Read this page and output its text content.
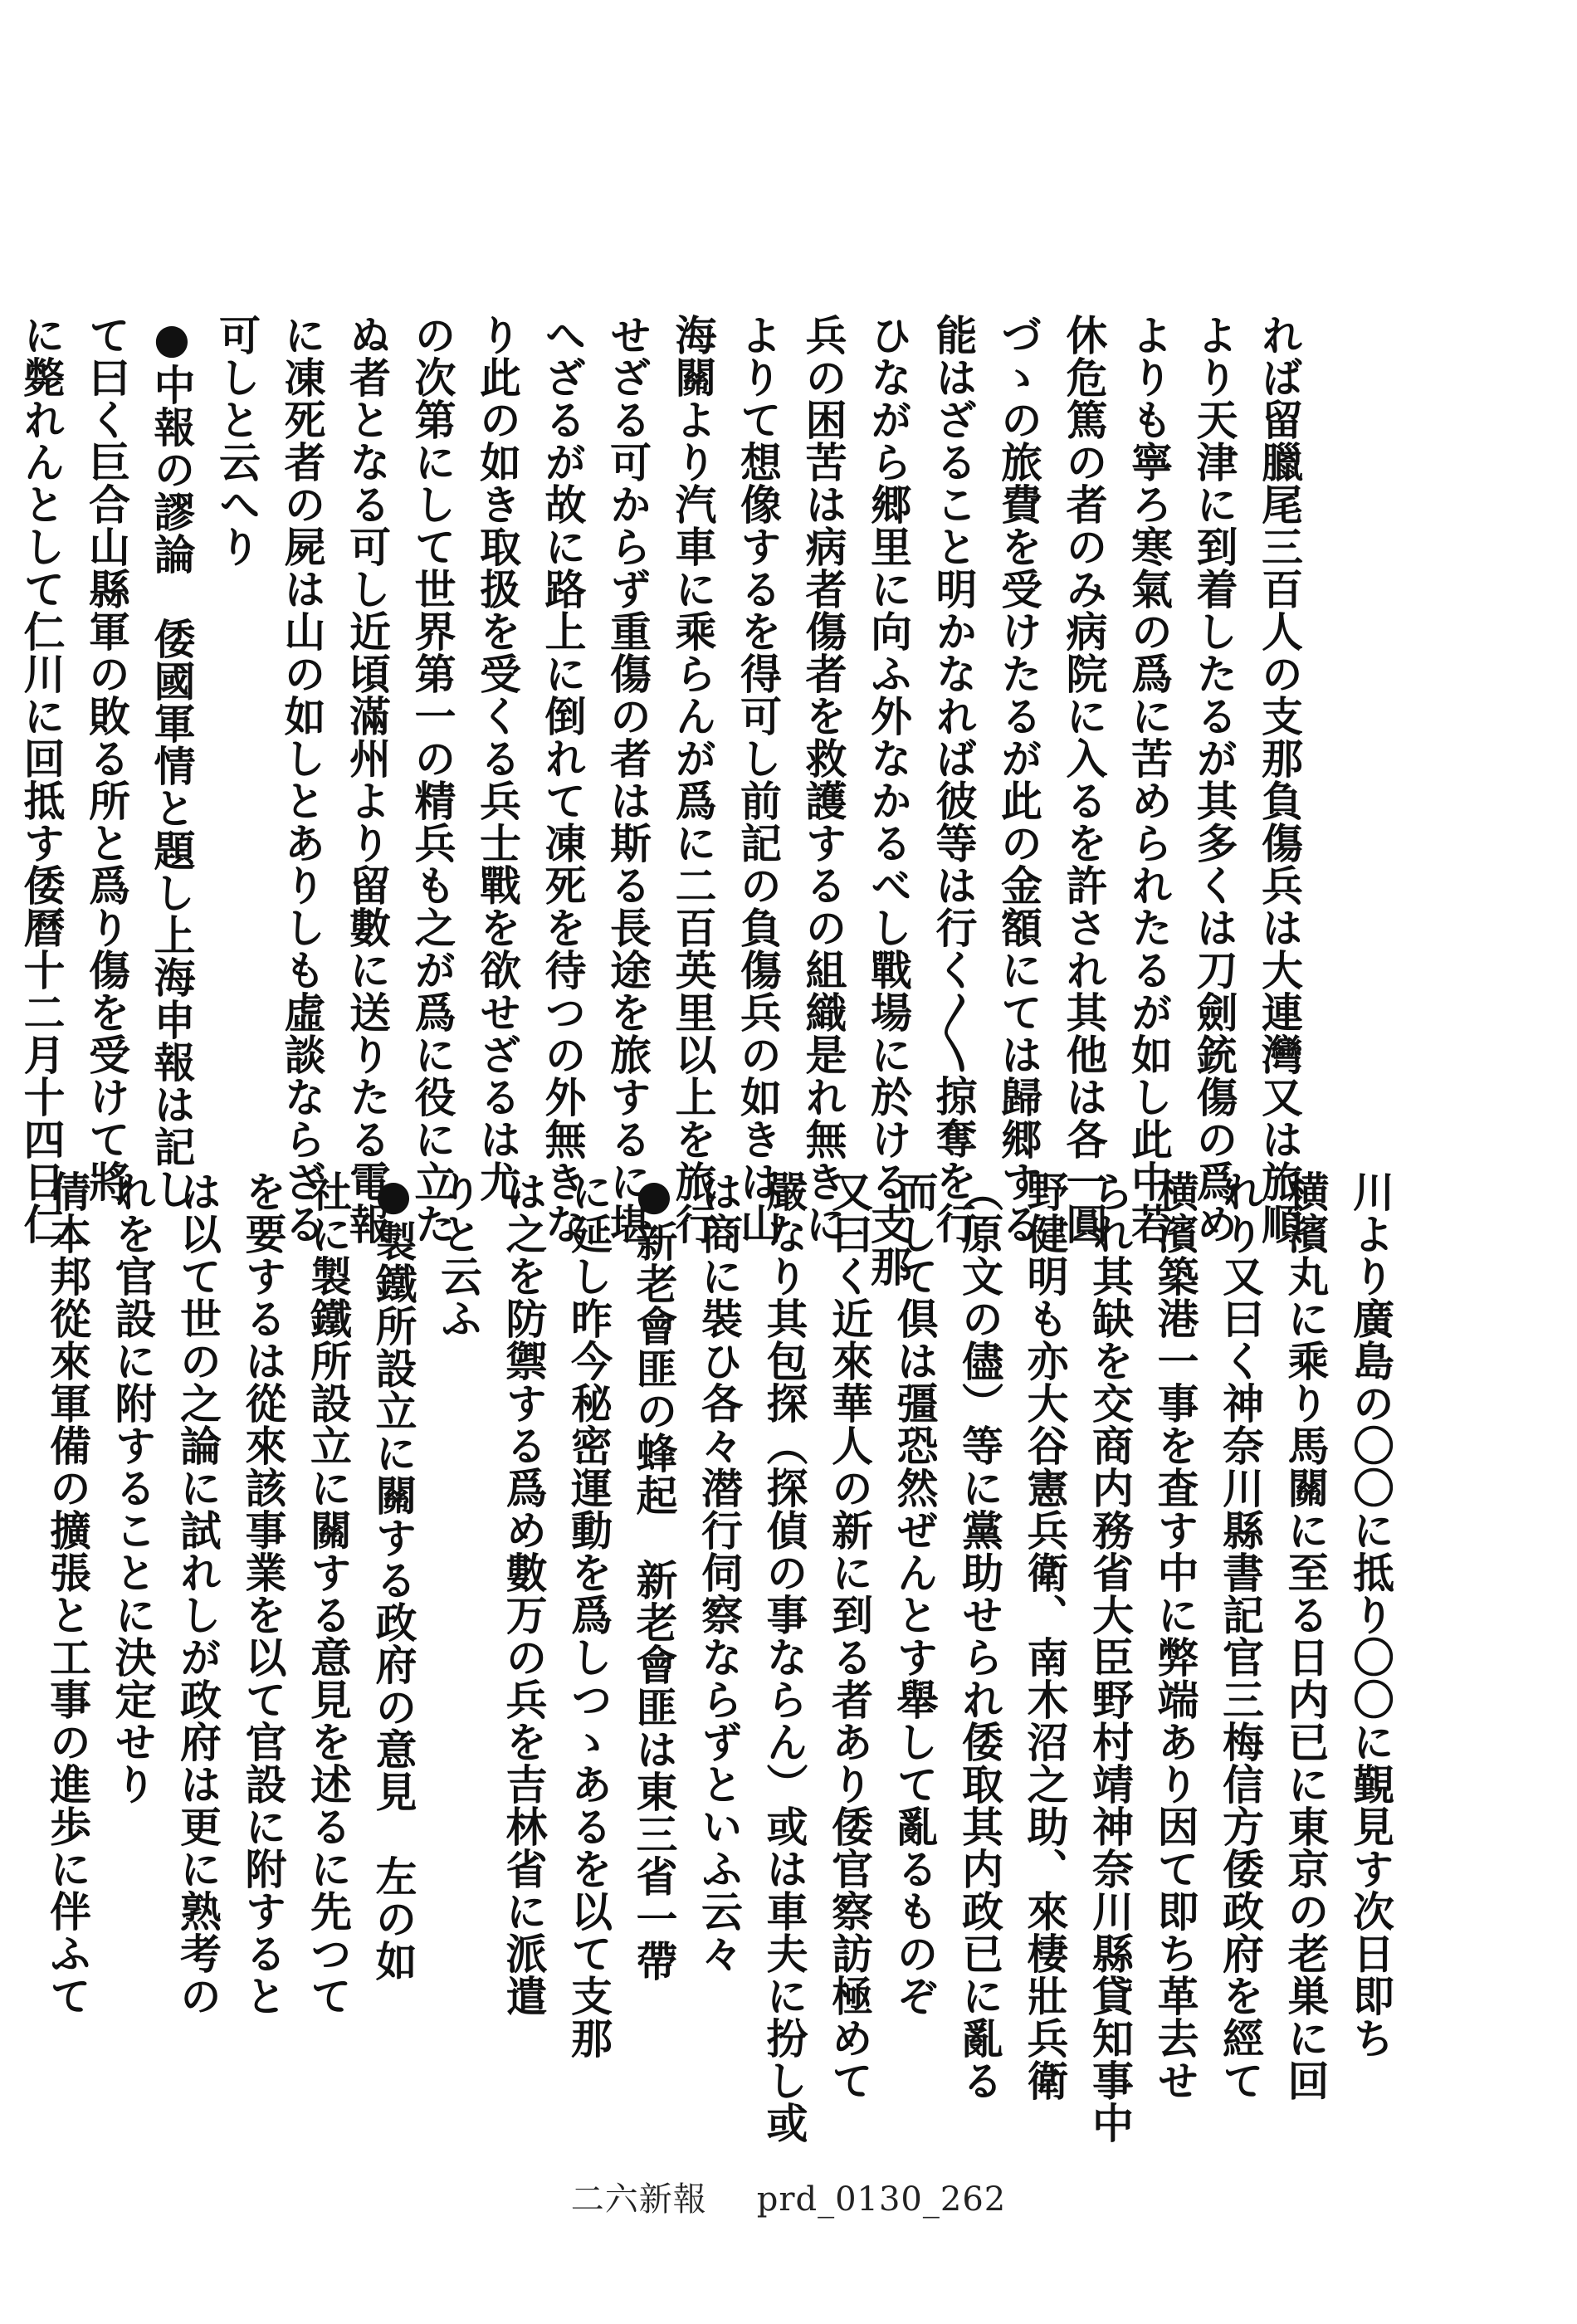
れば留臘尾三百人の支那負傷兵は大連灣又は旅順
より天津に到着したるが其多くは刀劍銃傷の爲め
よりも寧ろ寒氣の爲に苦められたるが如し此中若
休危篤の者のみ病院に入るを許され其他は各一圓
づゝの旅費を受けたるが此の金額にては歸郷する
能はざること明かなれば彼等は行く〳〵掠奪を行
ひながら郷里に向ふ外なかるべし戰場に於ける支那
兵の困苦は病者傷者を救護するの組織是れ無きに
よりて想像するを得可し前記の負傷兵の如きは山
海關より汽車に乘らんが爲に二百英里以上を旅行
せざる可からず重傷の者は斯る長途を旅するに堪
へざるが故に路上に倒れて凍死を待つの外無きな
り此の如き取扱を受くる兵士戰を欲せざるは尤
の次第にして世界第一の精兵も之が爲に役に立た
ぬ者となる可し近頃滿州より留數に送りたる電報
に凍死者の屍は山の如しとありしも虛談ならざる
可しと云へり
●中報の謬論　倭國軍情と題し上海申報は記し
て曰く巨合山縣軍の敗る所と爲り傷を受けて將
に斃れんとして仁川に回抵す倭曆十二月十四日仁
川より廣島の〇〇に抵り〇〇に覲見す次日即ち
横濱丸に乘り馬關に至る日内已に東京の老巣に回
れり又曰く神奈川縣書記官三梅信方倭政府を經て
横濱築港一事を査す中に弊端あり因て即ち革去せ
られ其缺を交商内務省大臣野村靖神奈川縣貸知事中
野健明も亦大谷憲兵衛、南木沼之助、來棲壯兵衛
（原文の儘）等に黨助せられ倭取其内政已に亂る
而して倶は彊恐然ぜんとす舉して亂るものぞ
又曰く近來華人の新に到る者あり倭官察訪極めて
嚴なり其包探（探偵の事ならん）或は車夫に扮し或
は商に裝ひ各々潜行伺察ならずといふ云々
●新老會匪の蜂起　新老會匪は東三省一帶
に延し昨今秘密運動を爲しつゝあるを以て支那
は之を防禦する爲め數万の兵を吉林省に派遣
りと云ふ
●製鐵所設立に關する政府の意見　左の如
社に製鐵所設立に關する意見を述るに先つて
を要するは從來該事業を以て官設に附すると
は以て世の之論に試れしが政府は更に熟考の
れを官設に附することに決定せり
倩本邦從來軍備の擴張と工事の進歩に伴ふて
二六新報 prd_0130_262
